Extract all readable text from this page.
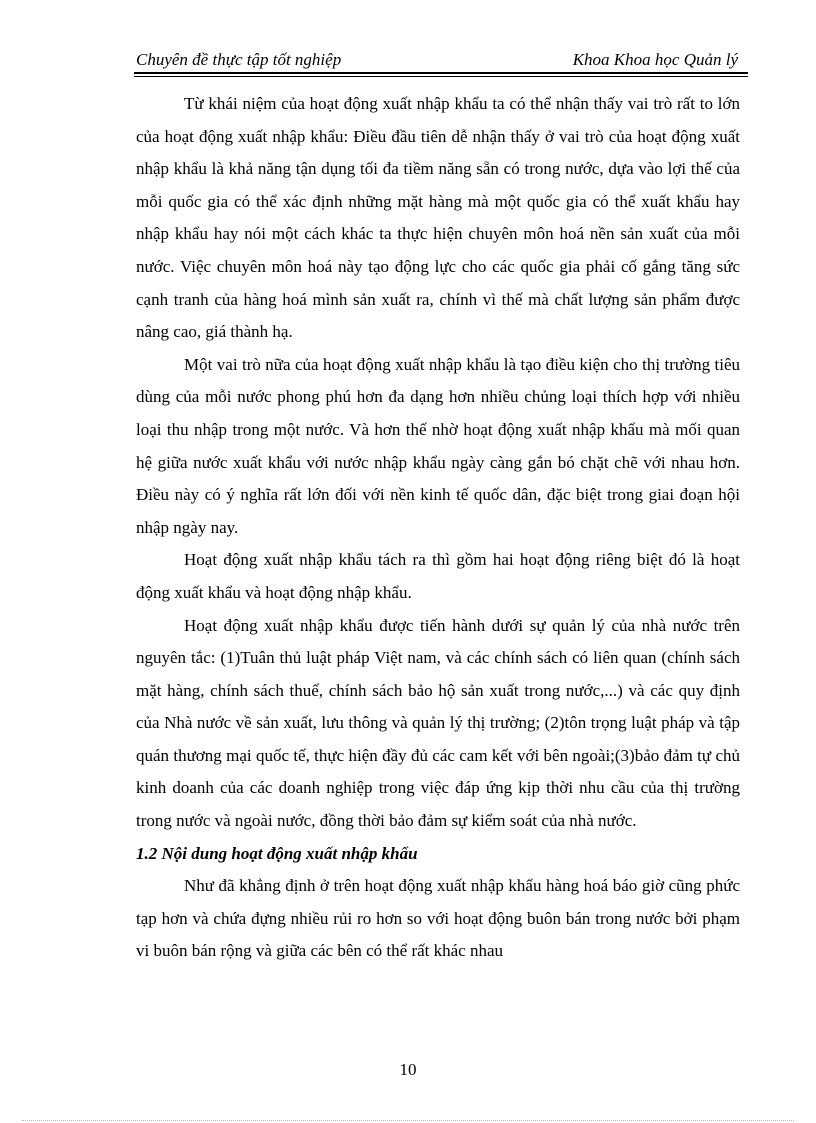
Chuyên đề thực tập tốt nghiệp	Khoa Khoa học Quản lý

Từ khái niệm của hoạt động xuất nhập khẩu ta có thể nhận thấy vai trò rất to lớn của hoạt động xuất nhập khẩu: Điều đầu tiên dễ nhận thấy ở vai trò của hoạt động xuất nhập khẩu là khả năng tận dụng tối đa tiềm năng sẵn có trong nước, dựa vào lợi thế của mỗi quốc gia có thể xác định những mặt hàng mà một quốc gia có thể xuất khẩu hay nhập khẩu hay nói một cách khác ta thực hiện chuyên môn hoá nền sản xuất của mỗi nước. Việc chuyên môn hoá này tạo động lực cho các quốc gia phải cố gắng tăng sức cạnh tranh của hàng hoá mình sản xuất ra, chính vì thế mà chất lượng sản phẩm được nâng cao, giá thành hạ.

Một vai trò nữa của hoạt động xuất nhập khẩu là tạo điều kiện cho thị trường tiêu dùng của mỗi nước phong phú hơn đa dạng hơn nhiều chủng loại thích hợp với nhiều loại thu nhập trong một nước. Và hơn thế nhờ hoạt động xuất nhập khẩu mà mối quan hệ giữa nước xuất khẩu với nước nhập khẩu ngày càng gắn bó chặt chẽ với nhau hơn. Điều này có ý nghĩa rất lớn đối với nền kinh tế quốc dân, đặc biệt trong giai đoạn hội nhập ngày nay.

Hoạt động xuất nhập khẩu tách ra thì gồm hai hoạt động riêng biệt đó là hoạt động xuất khẩu và hoạt động nhập khẩu.

Hoạt động xuất nhập khẩu được tiến hành dưới sự quản lý của nhà nước trên nguyên tắc: (1)Tuân thủ luật pháp Việt nam, và các chính sách có liên quan (chính sách mặt hàng, chính sách thuế, chính sách bảo hộ sản xuất trong nước,...) và các quy định của Nhà nước về sản xuất, lưu thông và quản lý thị trường; (2)tôn trọng luật pháp và tập quán thương mại quốc tế, thực hiện đầy đủ các cam kết với bên ngoài;(3)bảo đảm tự chủ kinh doanh của các doanh nghiệp trong việc đáp ứng kịp thời nhu cầu của thị trường trong nước và ngoài nước, đồng thời bảo đảm sự kiểm soát của nhà nước.

1.2 Nội dung hoạt động xuất nhập khẩu

Như đã khẳng định ở trên hoạt động xuất nhập khẩu hàng hoá báo giờ cũng phức tạp hơn và chứa đựng nhiều rủi ro hơn so với hoạt động buôn bán trong nước bởi phạm vi buôn bán rộng và giữa các bên có thể rất khác nhau

10
